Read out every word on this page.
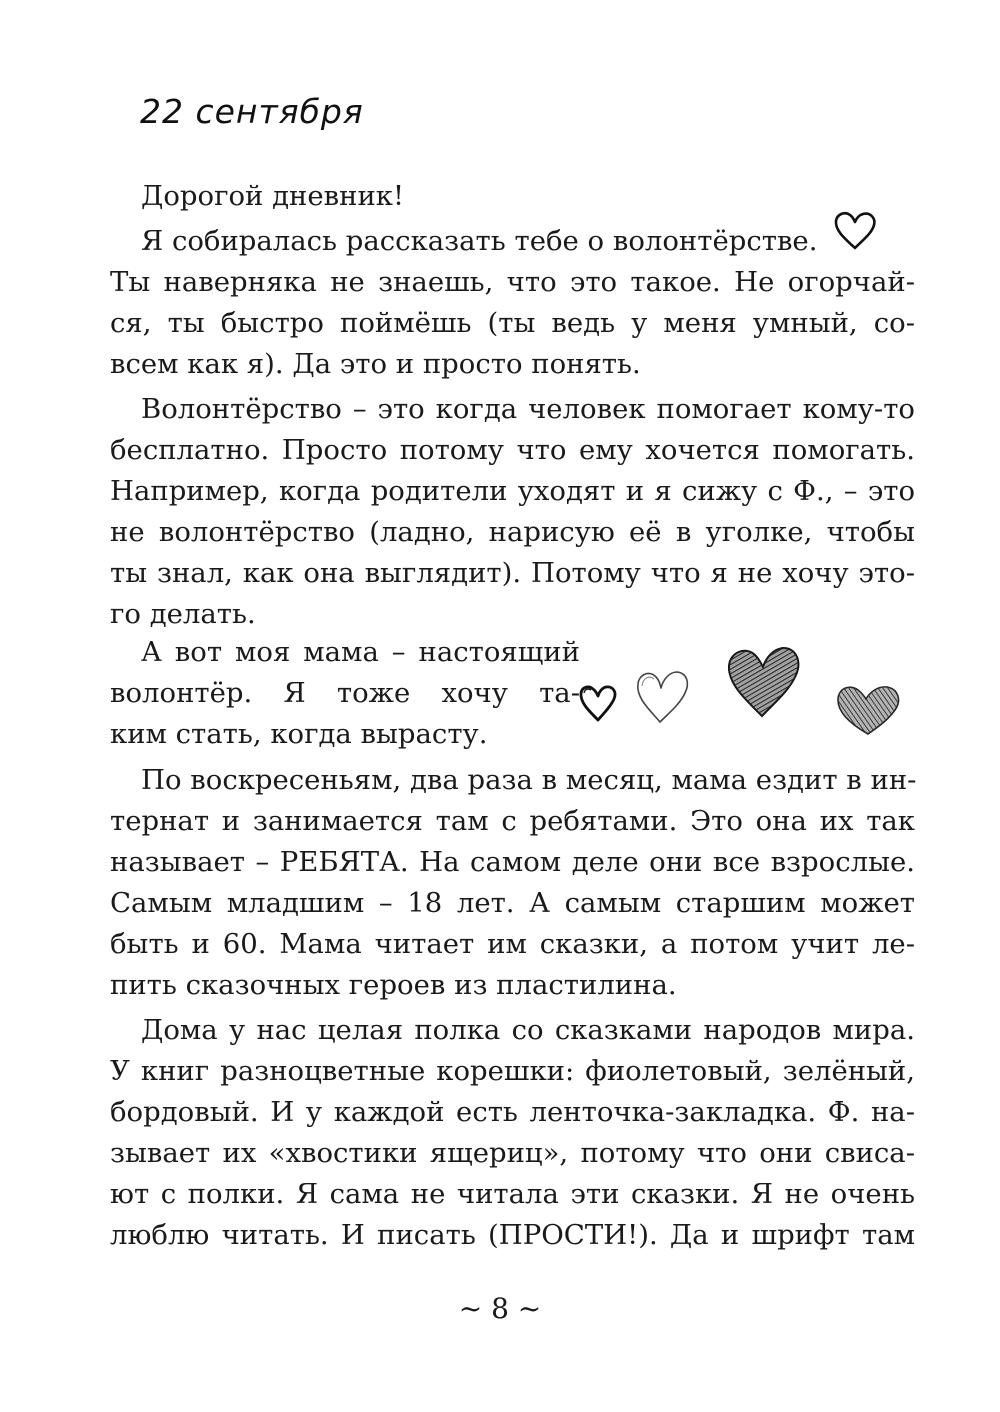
22 сентября
Дорогой дневник!
Я собиралась рассказать тебе о волонтёрстве.
Ты наверняка не знаешь, что это такое. Не огорчай-
ся, ты быстро поймёшь (ты ведь у меня умный, со-
всем как я). Да это и просто понять.
Волонтёрство – это когда человек помогает кому-то
бесплатно. Просто потому что ему хочется помогать.
Например, когда родители уходят и я сижу с Ф., – это
не волонтёрство (ладно, нарисую её в уголке, чтобы
ты знал, как она выглядит). Потому что я не хочу это-
го делать.
А вот моя мама – настоящий
волонтёр. Я тоже хочу та-
ким стать, когда вырасту.
По воскресеньям, два раза в месяц, мама ездит в ин-
тернат и занимается там с ребятами. Это она их так
называет – РЕБЯТА. На самом деле они все взрослые.
Самым младшим – 18 лет. А самым старшим может
быть и 60. Мама читает им сказки, а потом учит ле-
пить сказочных героев из пластилина.
Дома у нас целая полка со сказками народов мира.
У книг разноцветные корешки: фиолетовый, зелёный,
бордовый. И у каждой есть ленточка-закладка. Ф. на-
зывает их «хвостики ящериц», потому что они свиса-
ют с полки. Я сама не читала эти сказки. Я не очень
люблю читать. И писать (ПРОСТИ!). Да и шрифт там
~ 8 ~
